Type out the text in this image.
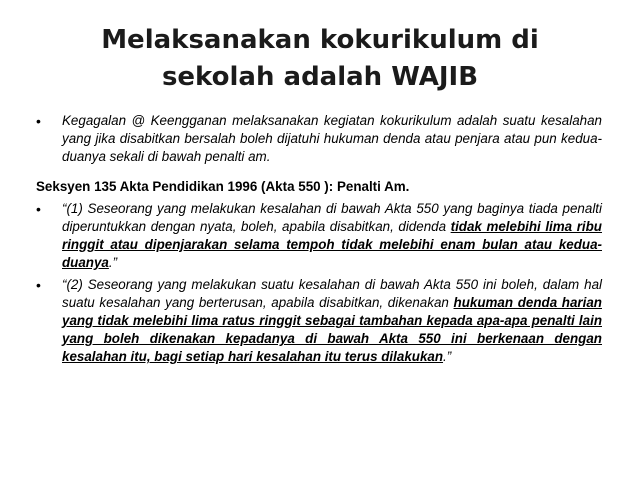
Melaksanakan kokurikulum di
sekolah adalah WAJIB

• Kegagalan @ Keengganan melaksanakan kegiatan kokurikulum adalah suatu kesalahan yang jika disabitkan bersalah boleh dijatuhi hukuman denda atau penjara atau pun kedua-duanya sekali di bawah penalti am.

Seksyen 135 Akta Pendidikan 1996 (Akta 550 ): Penalti Am.

• “(1) Seseorang yang melakukan kesalahan di bawah Akta 550 yang baginya tiada penalti diperuntukkan dengan nyata, boleh, apabila disabitkan, didenda tidak melebihi lima ribu ringgit atau dipenjarakan selama tempoh tidak melebihi enam bulan atau kedua-duanya.”

• “(2) Seseorang yang melakukan suatu kesalahan di bawah Akta 550 ini boleh, dalam hal suatu kesalahan yang berterusan, apabila disabitkan, dikenakan hukuman denda harian yang tidak melebihi lima ratus ringgit sebagai tambahan kepada apa-apa penalti lain yang boleh dikenakan kepadanya di bawah Akta 550 ini berkenaan dengan kesalahan itu, bagi setiap hari kesalahan itu terus dilakukan.”
